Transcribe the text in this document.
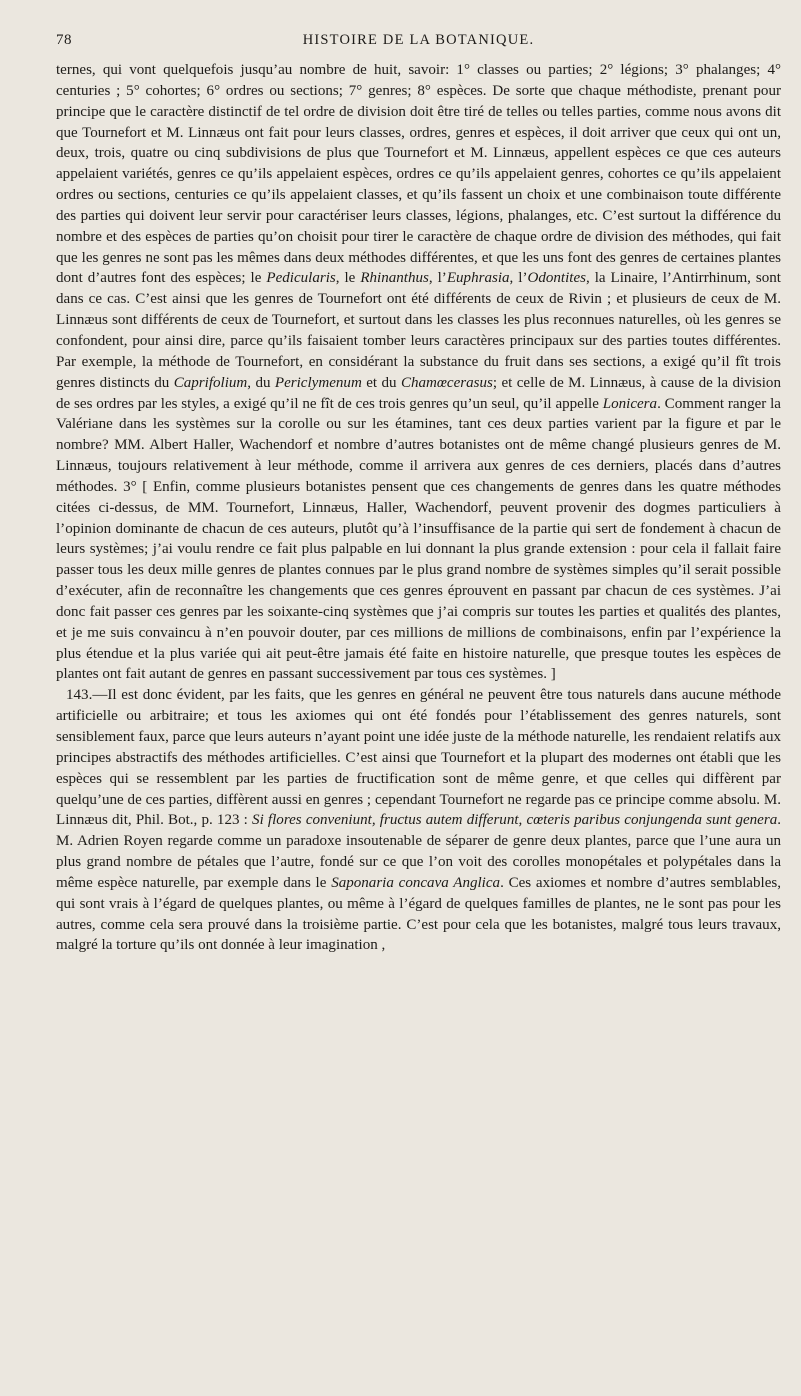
78	HISTOIRE DE LA BOTANIQUE.

ternes, qui vont quelquefois jusqu’au nombre de huit, savoir: 1° classes ou parties; 2° légions; 3° phalanges; 4° centuries ; 5° cohortes; 6° ordres ou sections; 7° genres; 8° espèces. De sorte que chaque méthodiste, prenant pour principe que le caractère distinctif de tel ordre de division doit être tiré de telles ou telles parties, comme nous avons dit que Tournefort et M. Linnæus ont fait pour leurs classes, ordres, genres et espèces, il doit arriver que ceux qui ont un, deux, trois, quatre ou cinq subdivisions de plus que Tournefort et M. Linnæus, appellent espèces ce que ces auteurs appelaient variétés, genres ce qu’ils appelaient espèces, ordres ce qu’ils appelaient genres, cohortes ce qu’ils appelaient ordres ou sections, centuries ce qu’ils appelaient classes, et qu’ils fassent un choix et une combinaison toute différente des parties qui doivent leur servir pour caractériser leurs classes, légions, phalanges, etc. C’est surtout la différence du nombre et des espèces de parties qu’on choisit pour tirer le caractère de chaque ordre de division des méthodes, qui fait que les genres ne sont pas les mêmes dans deux méthodes différentes, et que les uns font des genres de certaines plantes dont d’autres font des espèces; le Pedicularis, le Rhinanthus, l’Euphrasia, l’Odontites, la Linaire, l’Antirrhinum, sont dans ce cas. C’est ainsi que les genres de Tournefort ont été différents de ceux de Rivin ; et plusieurs de ceux de M. Linnæus sont différents de ceux de Tournefort, et surtout dans les classes les plus reconnues naturelles, où les genres se confondent, pour ainsi dire, parce qu’ils faisaient tomber leurs caractères principaux sur des parties toutes différentes. Par exemple, la méthode de Tournefort, en considérant la substance du fruit dans ses sections, a exigé qu’il fît trois genres distincts du Caprifolium, du Periclymenum et du Chamœcerasus; et celle de M. Linnæus, à cause de la division de ses ordres par les styles, a exigé qu’il ne fît de ces trois genres qu’un seul, qu’il appelle Lonicera. Comment ranger la Valériane dans les systèmes sur la corolle ou sur les étamines, tant ces deux parties varient par la figure et par le nombre? MM. Albert Haller, Wachendorf et nombre d’autres botanistes ont de même changé plusieurs genres de M. Linnæus, toujours relativement à leur méthode, comme il arrivera aux genres de ces derniers, placés dans d’autres méthodes. 3° [ Enfin, comme plusieurs botanistes pensent que ces changements de genres dans les quatre méthodes citées ci-dessus, de MM. Tournefort, Linnæus, Haller, Wachendorf, peuvent provenir des dogmes particuliers à l’opinion dominante de chacun de ces auteurs, plutôt qu’à l’insuffisance de la partie qui sert de fondement à chacun de leurs systèmes; j’ai voulu rendre ce fait plus palpable en lui donnant la plus grande extension : pour cela il fallait faire passer tous les deux mille genres de plantes connues par le plus grand nombre de systèmes simples qu’il serait possible d’exécuter, afin de reconnaître les changements que ces genres éprouvent en passant par chacun de ces systèmes. J’ai donc fait passer ces genres par les soixante-cinq systèmes que j’ai compris sur toutes les parties et qualités des plantes, et je me suis convaincu à n’en pouvoir douter, par ces millions de millions de combinaisons, enfin par l’expérience la plus étendue et la plus variée qui ait peut-être jamais été faite en histoire naturelle, que presque toutes les espèces de plantes ont fait autant de genres en passant successivement par tous ces systèmes. ]

143.—Il est donc évident, par les faits, que les genres en général ne peuvent être tous naturels dans aucune méthode artificielle ou arbitraire; et tous les axiomes qui ont été fondés pour l’établissement des genres naturels, sont sensiblement faux, parce que leurs auteurs n’ayant point une idée juste de la méthode naturelle, les rendaient relatifs aux principes abstractifs des méthodes artificielles. C’est ainsi que Tournefort et la plupart des modernes ont établi que les espèces qui se ressemblent par les parties de fructification sont de même genre, et que celles qui diffèrent par quelqu’une de ces parties, diffèrent aussi en genres ; cependant Tournefort ne regarde pas ce principe comme absolu. M. Linnæus dit, Phil. Bot., p. 123 : Si flores conveniunt, fructus autem differunt, cœteris paribus conjungenda sunt genera. M. Adrien Royen regarde comme un paradoxe insoutenable de séparer de genre deux plantes, parce que l’une aura un plus grand nombre de pétales que l’autre, fondé sur ce que l’on voit des corolles monopétales et polypétales dans la même espèce naturelle, par exemple dans le Saponaria concava Anglica. Ces axiomes et nombre d’autres semblables, qui sont vrais à l’égard de quelques plantes, ou même à l’égard de quelques familles de plantes, ne le sont pas pour les autres, comme cela sera prouvé dans la troisième partie. C’est pour cela que les botanistes, malgré tous leurs travaux, malgré la torture qu’ils ont donnée à leur imagination ,
